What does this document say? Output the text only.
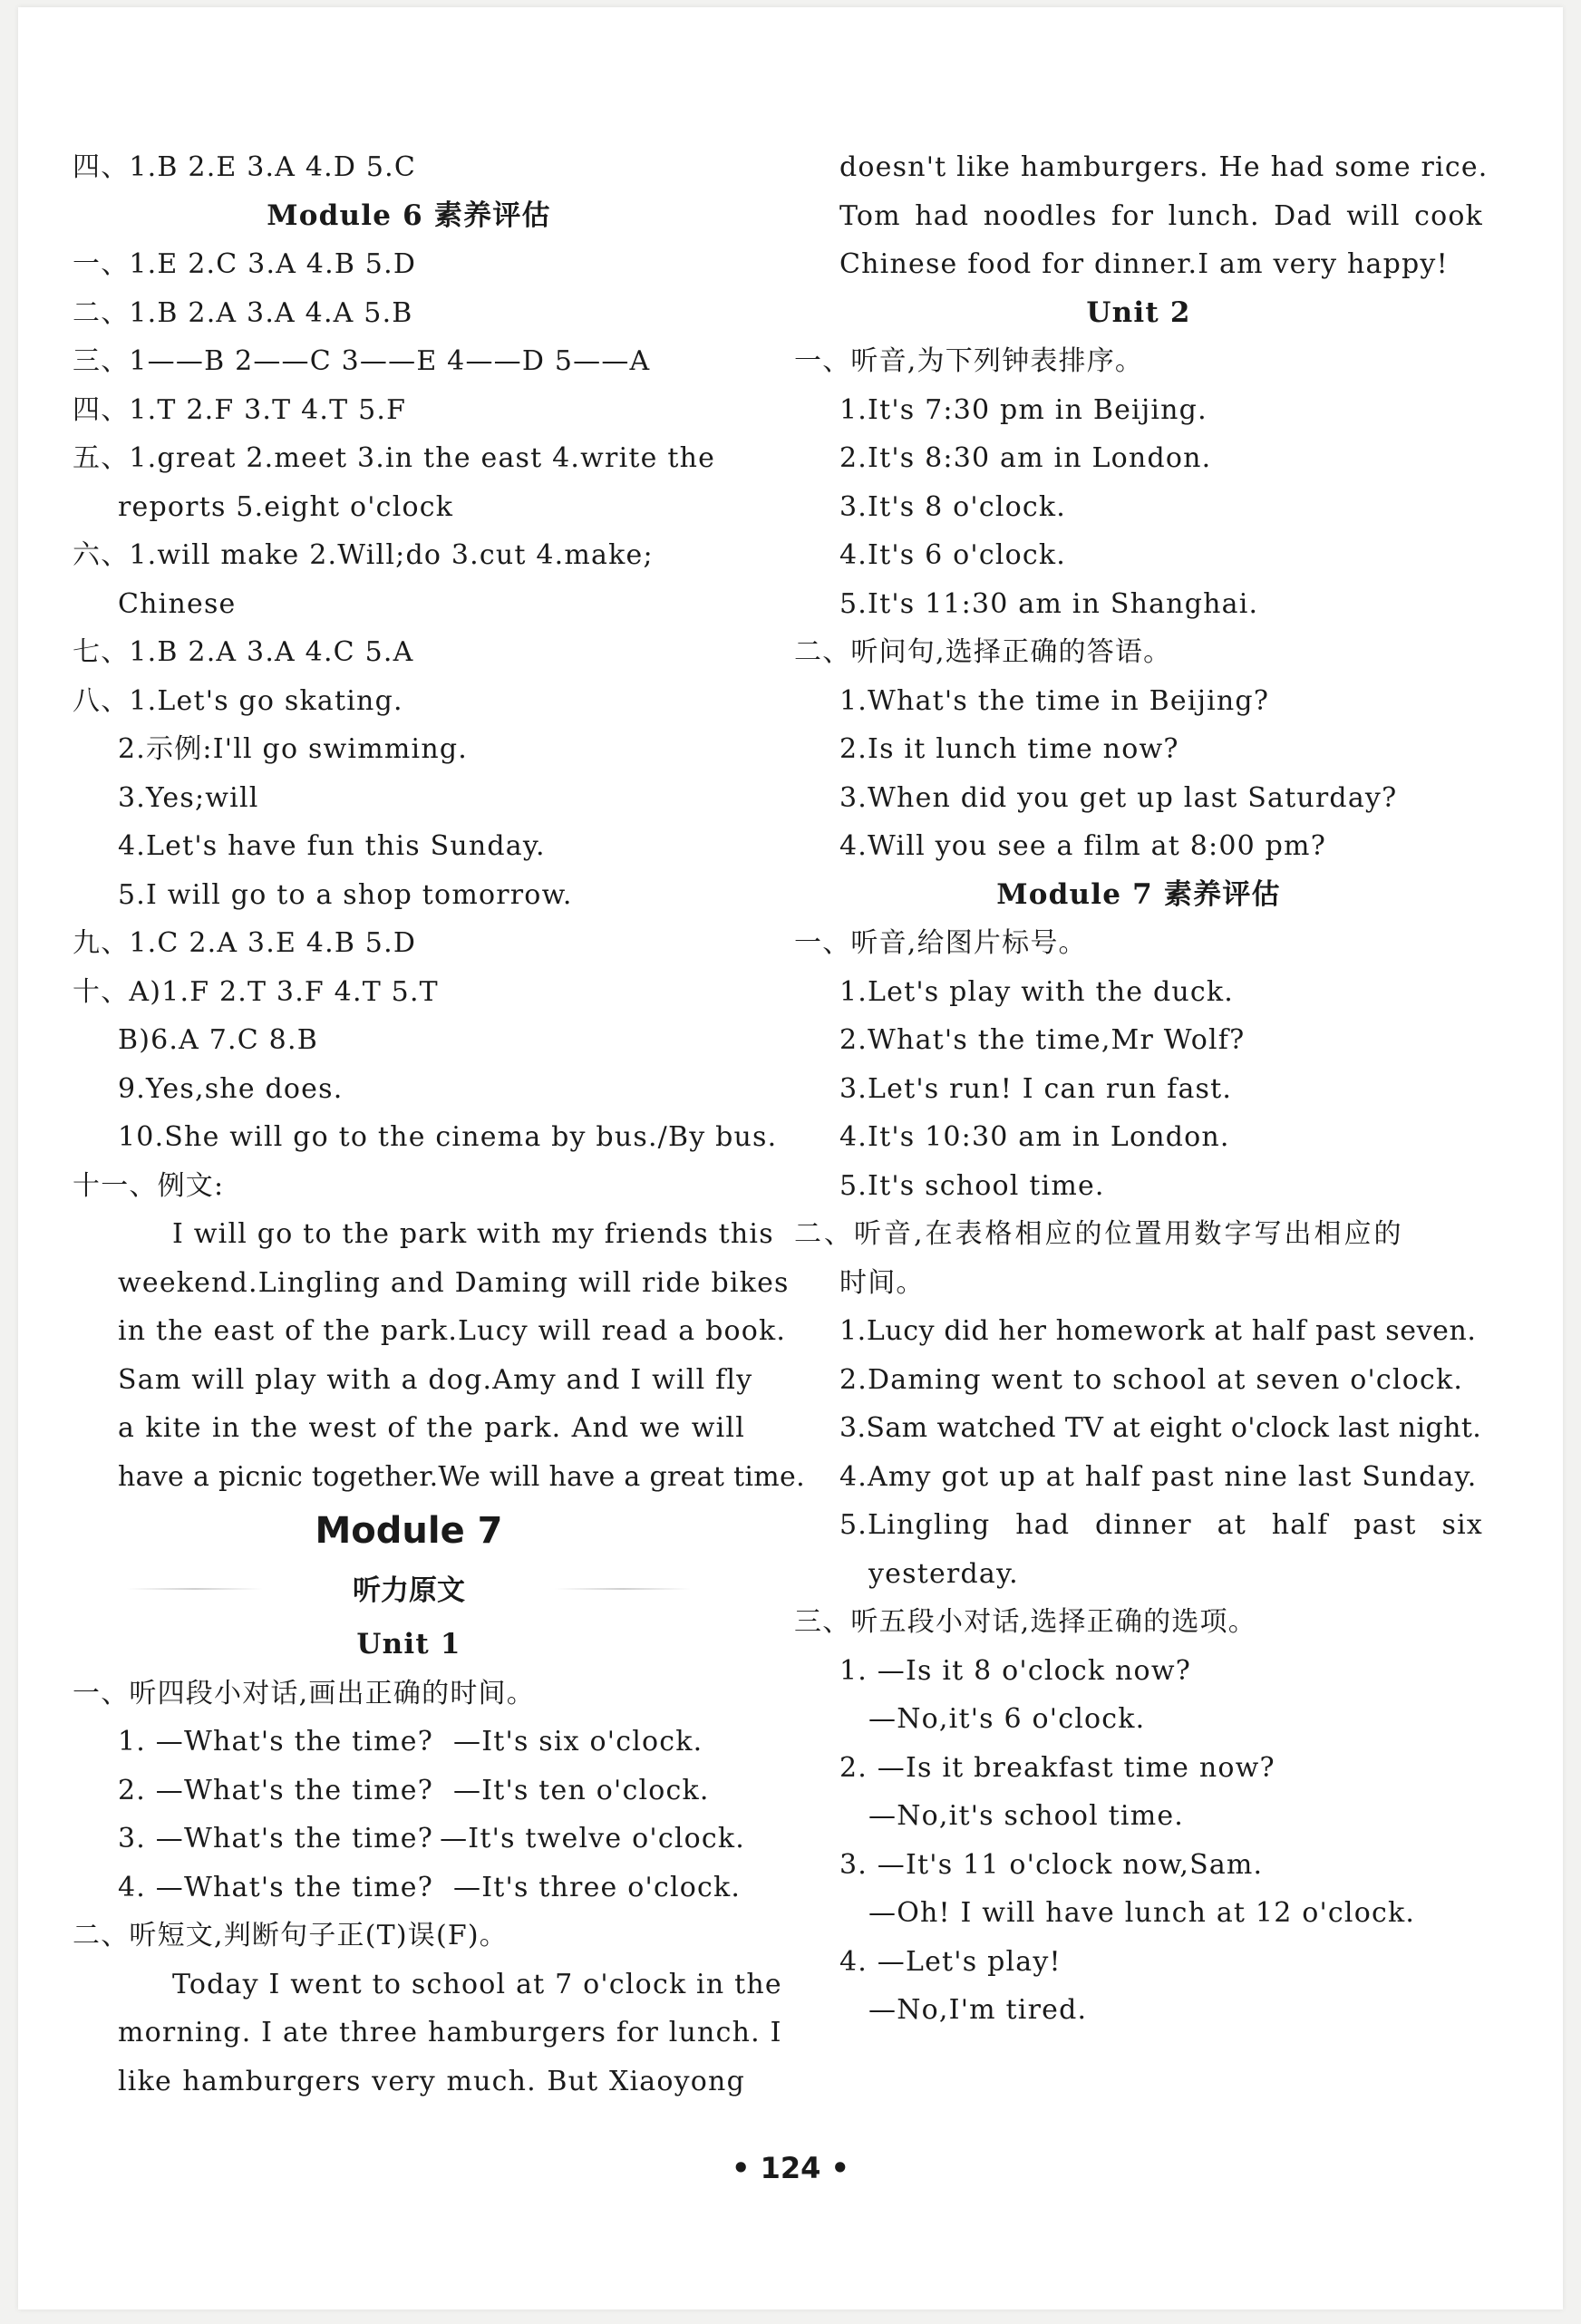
四、1.B 2.E 3.A 4.D 5.C
Module 6 素养评估
一、1.E 2.C 3.A 4.B 5.D
二、1.B 2.A 3.A 4.A 5.B
三、1——B 2——C 3——E 4——D 5——A
四、1.T 2.F 3.T 4.T 5.F
五、1.great 2.meet 3.in the east 4.write the
reports 5.eight o'clock
六、1.will make 2.Will;do 3.cut 4.make;
Chinese
七、1.B 2.A 3.A 4.C 5.A
八、1.Let's go skating.
2.示例:I'll go swimming.
3.Yes;will
4.Let's have fun this Sunday.
5.I will go to a shop tomorrow.
九、1.C 2.A 3.E 4.B 5.D
十、A)1.F 2.T 3.F 4.T 5.T
B)6.A 7.C 8.B
9.Yes,she does.
10.She will go to the cinema by bus./By bus.
十一、例文:
I will go to the park with my friends this
weekend.Lingling and Daming will ride bikes
in the east of the park.Lucy will read a book.
Sam will play with a dog.Amy and I will fly
a kite in the west of the park. And we will
have a picnic together.We will have a great time.
Module 7
听力原文
Unit 1
一、听四段小对话,画出正确的时间。
1. —What's the time? —It's six o'clock.
2. —What's the time? —It's ten o'clock.
3. —What's the time? —It's twelve o'clock.
4. —What's the time? —It's three o'clock.
二、听短文,判断句子正(T)误(F)。
Today I went to school at 7 o'clock in the
morning. I ate three hamburgers for lunch. I
like hamburgers very much. But Xiaoyong
doesn't like hamburgers. He had some rice.
Tom had noodles for lunch. Dad will cook
Chinese food for dinner.I am very happy!
Unit 2
一、听音,为下列钟表排序。
1.It's 7:30 pm in Beijing.
2.It's 8:30 am in London.
3.It's 8 o'clock.
4.It's 6 o'clock.
5.It's 11:30 am in Shanghai.
二、听问句,选择正确的答语。
1.What's the time in Beijing?
2.Is it lunch time now?
3.When did you get up last Saturday?
4.Will you see a film at 8:00 pm?
Module 7 素养评估
一、听音,给图片标号。
1.Let's play with the duck.
2.What's the time,Mr Wolf?
3.Let's run! I can run fast.
4.It's 10:30 am in London.
5.It's school time.
二、听音,在表格相应的位置用数字写出相应的
时间。
1.Lucy did her homework at half past seven.
2.Daming went to school at seven o'clock.
3.Sam watched TV at eight o'clock last night.
4.Amy got up at half past nine last Sunday.
5.Lingling had dinner at half past six
yesterday.
三、听五段小对话,选择正确的选项。
1. —Is it 8 o'clock now?
—No,it's 6 o'clock.
2. —Is it breakfast time now?
—No,it's school time.
3. —It's 11 o'clock now,Sam.
—Oh! I will have lunch at 12 o'clock.
4. —Let's play!
—No,I'm tired.
• 124 •
